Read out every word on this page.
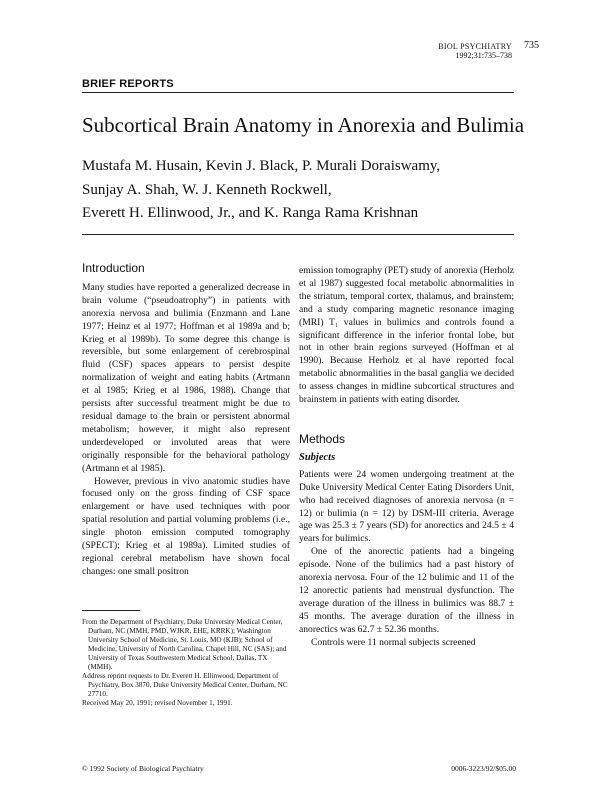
BIOL PSYCHIATRY
1992;31:735–738
735
BRIEF REPORTS
Subcortical Brain Anatomy in Anorexia and Bulimia
Mustafa M. Husain, Kevin J. Black, P. Murali Doraiswamy,
Sunjay A. Shah, W. J. Kenneth Rockwell,
Everett H. Ellinwood, Jr., and K. Ranga Rama Krishnan
Introduction

Many studies have reported a generalized decrease in brain volume (“pseudoatrophy”) in patients with anorexia nervosa and bulimia (Enzmann and Lane 1977; Heinz et al 1977; Hoffman et al 1989a and b; Krieg et al 1989b). To some degree this change is reversible, but some enlargement of cerebrospinal fluid (CSF) spaces appears to persist despite normalization of weight and eating habits (Artmann et al 1985; Krieg et al 1986, 1988). Change that persists after successful treatment might be due to residual damage to the brain or persistent abnormal metabolism; however, it might also represent underdeveloped or involuted areas that were originally responsible for the behavioral pathology (Artmann et al 1985).

However, previous in vivo anatomic studies have focused only on the gross finding of CSF space enlargement or have used techniques with poor spatial resolution and partial voluming problems (i.e., single photon emission computed tomography (SPECT); Krieg et al 1989a). Limited studies of regional cerebral metabolism have shown focal changes: one small positron

emission tomography (PET) study of anorexia (Herholz et al 1987) suggested focal metabolic abnormalities in the striatum, temporal cortex, thalamus, and brainstem; and a study comparing magnetic resonance imaging (MRI) T₁ values in bulimics and controls found a significant difference in the inferior frontal lobe, but not in other brain regions surveyed (Hoffman et al 1990). Because Herholz et al have reported focal metabolic abnormalities in the basal ganglia we decided to assess changes in midline subcortical structures and brainstem in patients with eating disorder.

Methods
Subjects

Patients were 24 women undergoing treatment at the Duke University Medical Center Eating Disorders Unit, who had received diagnoses of anorexia nervosa (n = 12) or bulimia (n = 12) by DSM-III criteria. Average age was 25.3 ± 7 years (SD) for anorectics and 24.5 ± 4 years for bulimics.

One of the anorectic patients had a bingeing episode. None of the bulimics had a past history of anorexia nervosa. Four of the 12 bulimic and 11 of the 12 anorectic patients had menstrual dysfunction. The average duration of the illness in bulimics was 88.7 ± 45 months. The average duration of the illness in anorectics was 62.7 ± 52.36 months.

Controls were 11 normal subjects screened

From the Department of Psychiatry, Duke University Medical Center, Durham, NC (MMH, PMD, WJKR, EHE, KRRK); Washington University School of Medicine, St. Louis, MO (KJB); School of Medicine, University of North Carolina, Chapel Hill, NC (SAS); and University of Texas Southwestern Medical School, Dallas, TX (MMH).

Address reprint requests to Dr. Everett H. Ellinwood, Department of Psychiatry, Box 3870, Duke University Medical Center, Durham, NC 27710.

Received May 20, 1991; revised November 1, 1991.

© 1992 Society of Biological Psychiatry	0006-3223/92/$05.00
